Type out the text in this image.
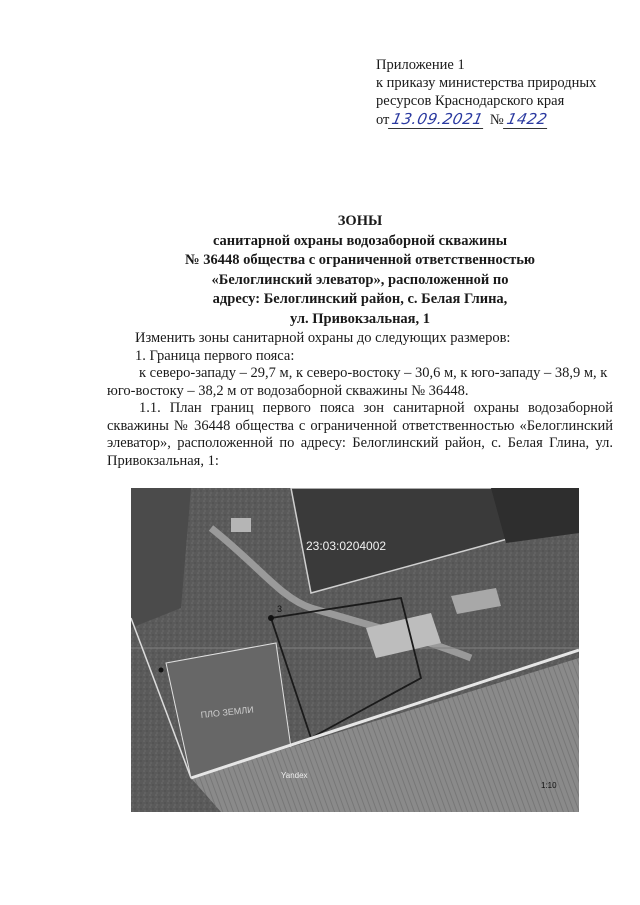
Приложение 1
к приказу министерства природных
ресурсов Краснодарского края
от13.09.2021 №1422
ЗОНЫ
санитарной охраны водозаборной скважины
№ 36448 общества с ограниченной ответственностью
«Белоглинский элеватор», расположенной по
адресу: Белоглинский район, с. Белая Глина,
ул. Привокзальная, 1

Изменить зоны санитарной охраны до следующих размеров:

1. Граница первого пояса:

к северо-западу – 29,7 м, к северо-востоку – 30,6 м, к юго-западу – 38,9 м, к юго-востоку – 38,2 м от водозаборной скважины № 36448.

1.1. План границ первого пояса зон санитарной охраны водозаборной скважины № 36448 общества с ограниченной ответственностью «Белоглинский элеватор», расположенной по адресу: Белоглинский район, с. Белая Глина, ул. Привокзальная, 1:

23:03:0204002
3
ПЛО ЗЕМЛИ
Yandex
1:10
